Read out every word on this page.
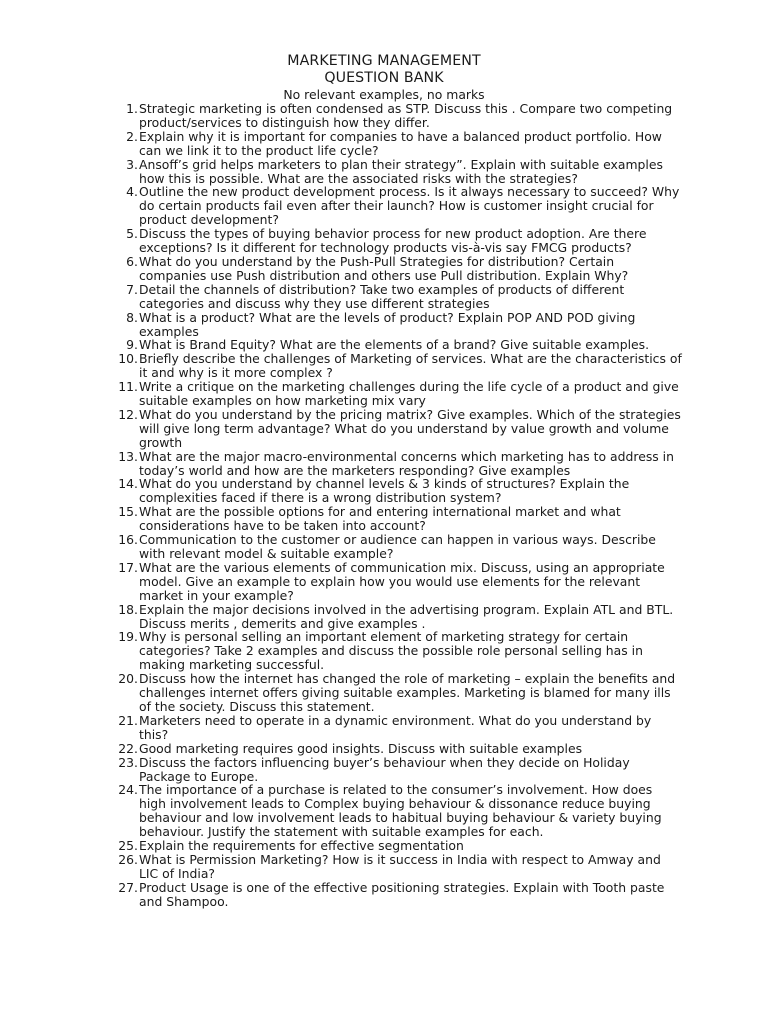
MARKETING MANAGEMENT
QUESTION BANK
No relevant examples, no marks
1. Strategic marketing is often condensed as STP. Discuss this . Compare two competing product/services to distinguish how they differ.
2. Explain why it is important for companies to have a balanced product portfolio. How can we link it to the product life cycle?
3. Ansoff’s grid helps marketers to plan their strategy”. Explain with suitable examples how this is possible. What are the associated risks with the strategies?
4. Outline the new product development process. Is it always necessary to succeed? Why do certain products fail even after their launch? How is customer insight crucial for product development?
5. Discuss the types of buying behavior process for new product adoption. Are there exceptions? Is it different for technology products vis-à-vis say FMCG products?
6. What do you understand by the Push-Pull Strategies for distribution? Certain companies use Push distribution and others use Pull distribution. Explain Why?
7. Detail the channels of distribution? Take two examples of products of different categories and discuss why they use different strategies
8. What is a product? What are the levels of product? Explain POP AND POD giving examples
9. What is Brand Equity? What are the elements of a brand? Give suitable examples.
10. Briefly describe the challenges of Marketing of services. What are the characteristics of it and why is it more complex ?
11. Write a critique on the marketing challenges during the life cycle of a product and give suitable examples on how marketing mix vary
12. What do you understand by the pricing matrix? Give examples. Which of the strategies will give long term advantage? What do you understand by value growth and volume growth
13. What are the major macro-environmental concerns which marketing has to address in today’s world and how are the marketers responding? Give examples
14. What do you understand by channel levels & 3 kinds of structures? Explain the complexities faced if there is a wrong distribution system?
15. What are the possible options for and entering international market and what considerations have to be taken into account?
16. Communication to the customer or audience can happen in various ways. Describe with relevant model & suitable example?
17. What are the various elements of communication mix. Discuss, using an appropriate model. Give an example to explain how you would use elements for the relevant market in your example?
18. Explain the major decisions involved in the advertising program. Explain ATL and BTL. Discuss merits , demerits and give examples .
19. Why is personal selling an important element of marketing strategy for certain categories? Take 2 examples and discuss the possible role personal selling has in making marketing successful.
20. Discuss how the internet has changed the role of marketing – explain the benefits and challenges internet offers giving suitable examples. Marketing is blamed for many ills of the society. Discuss this statement.
21. Marketers need to operate in a dynamic environment. What do you understand by this?
22. Good marketing requires good insights. Discuss with suitable examples
23. Discuss the factors influencing buyer’s behaviour when they decide on Holiday Package to Europe.
24. The importance of a purchase is related to the consumer’s involvement. How does high involvement leads to Complex buying behaviour & dissonance reduce buying behaviour and low involvement leads to habitual buying behaviour & variety buying behaviour. Justify the statement with suitable examples for each.
25. Explain the requirements for effective segmentation
26. What is Permission Marketing? How is it success in India with respect to Amway and LIC of India?
27. Product Usage is one of the effective positioning strategies. Explain with Tooth paste and Shampoo.
